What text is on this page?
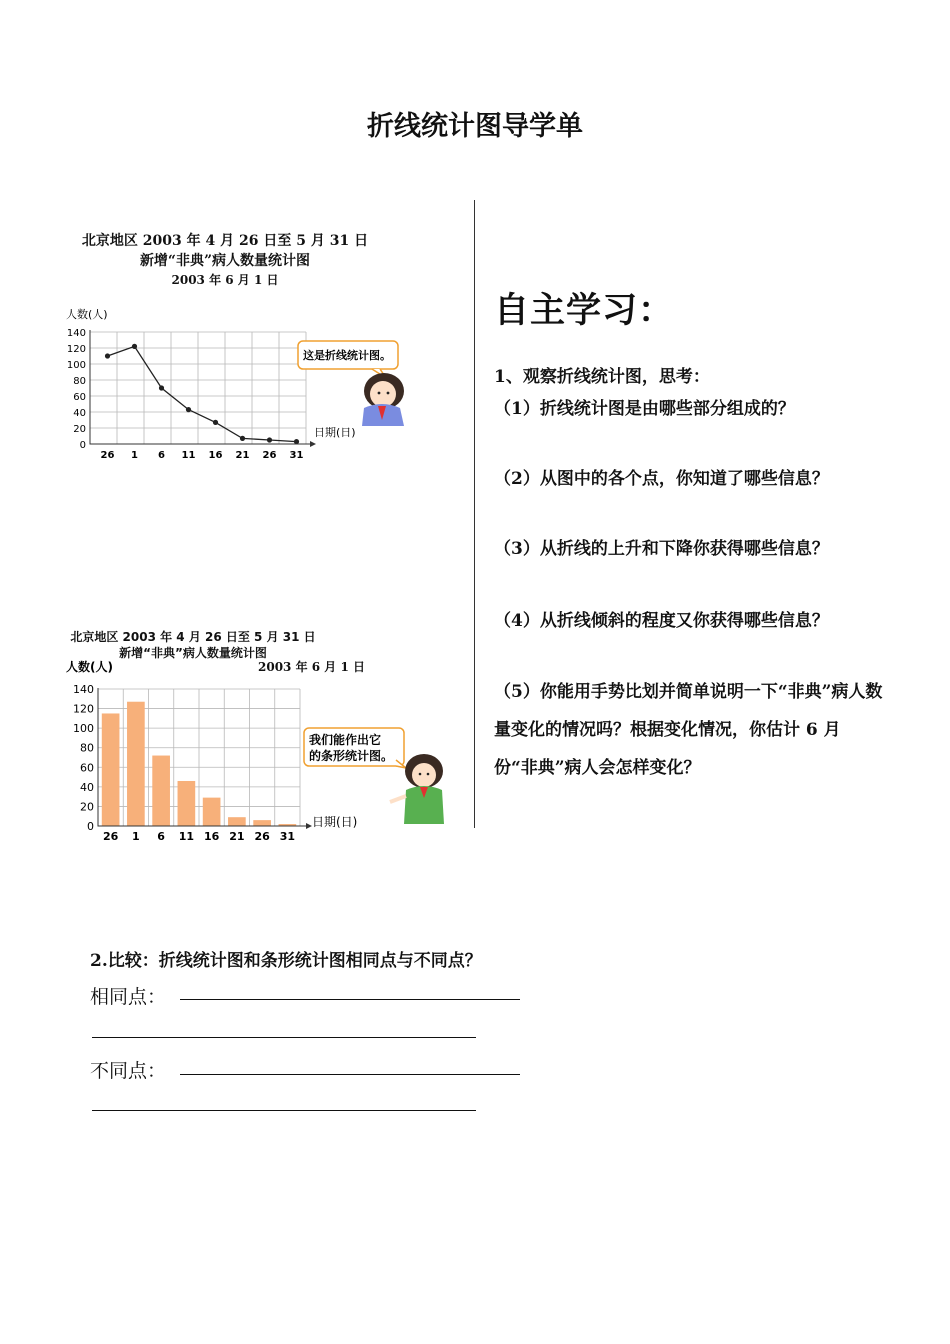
折线统计图导学单
北京地区 2003 年 4 月 26 日至 5 月 31 日
新增“非典”病人数量统计图
2003 年 6 月 1 日
0
20
40
60
80
100
120
140
26 1 6 11 16 21 26 31
人数(人)
日期(日)
这是折线统计图。
北京地区 2003 年 4 月 26 日至 5 月 31 日
新增“非典”病人数量统计图
2003 年 6 月 1 日
0
20
40
60
80
100
120
140
26 1 6 11 16 21 26 31
人数(人)
日期(日)
我们能作出它
的条形统计图。
自主学习：
1、观察折线统计图，思考：
（1）折线统计图是由哪些部分组成的？
（2）从图中的各个点，你知道了哪些信息？
（3）从折线的上升和下降你获得哪些信息？
（4）从折线倾斜的程度又你获得哪些信息？
（5）你能用手势比划并简单说明一下“非典”病人数量变化的情况吗？根据变化情况，你估计 6 月份“非典”病人会怎样变化？
2.比较：折线统计图和条形统计图相同点与不同点？
相同点：
不同点：
